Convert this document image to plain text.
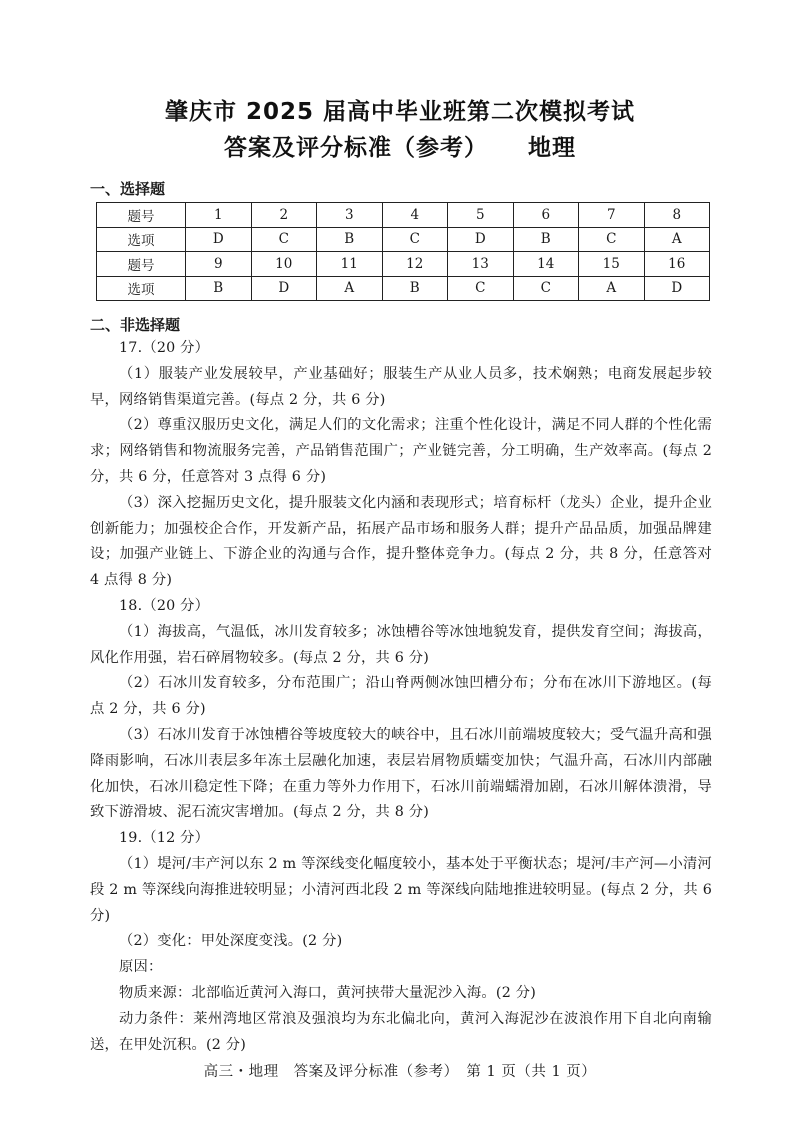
肇庆市 2025 届高中毕业班第二次模拟考试
答案及评分标准（参考） 地理
一、选择题
题号	1	2	3	4	5	6	7	8
选项	D	C	B	C	D	B	C	A
题号	9	10	11	12	13	14	15	16
选项	B	D	A	B	C	C	A	D
二、非选择题

17.（20 分）

（1）服装产业发展较早，产业基础好；服装生产从业人员多，技术娴熟；电商发展起步较早，网络销售渠道完善。(每点 2 分，共 6 分)

（2）尊重汉服历史文化，满足人们的文化需求；注重个性化设计，满足不同人群的个性化需求；网络销售和物流服务完善，产品销售范围广；产业链完善，分工明确，生产效率高。(每点 2 分，共 6 分，任意答对 3 点得 6 分)

（3）深入挖掘历史文化，提升服装文化内涵和表现形式；培育标杆（龙头）企业，提升企业创新能力；加强校企合作，开发新产品，拓展产品市场和服务人群；提升产品品质，加强品牌建设；加强产业链上、下游企业的沟通与合作，提升整体竞争力。(每点 2 分，共 8 分，任意答对 4 点得 8 分)

18.（20 分）

（1）海拔高，气温低，冰川发育较多；冰蚀槽谷等冰蚀地貌发育，提供发育空间；海拔高，风化作用强，岩石碎屑物较多。(每点 2 分，共 6 分)

（2）石冰川发育较多，分布范围广；沿山脊两侧冰蚀凹槽分布；分布在冰川下游地区。(每点 2 分，共 6 分)

（3）石冰川发育于冰蚀槽谷等坡度较大的峡谷中，且石冰川前端坡度较大；受气温升高和强降雨影响，石冰川表层多年冻土层融化加速，表层岩屑物质蠕变加快；气温升高，石冰川内部融化加快，石冰川稳定性下降；在重力等外力作用下，石冰川前端蠕滑加剧，石冰川解体溃滑，导致下游滑坡、泥石流灾害增加。(每点 2 分，共 8 分)

19.（12 分）

（1）堤河/丰产河以东 2 m 等深线变化幅度较小，基本处于平衡状态；堤河/丰产河—小清河段 2 m 等深线向海推进较明显；小清河西北段 2 m 等深线向陆地推进较明显。(每点 2 分，共 6 分)

（2）变化：甲处深度变浅。(2 分)

原因：

物质来源：北部临近黄河入海口，黄河挟带大量泥沙入海。(2 分)

动力条件：莱州湾地区常浪及强浪均为东北偏北向，黄河入海泥沙在波浪作用下自北向南输送，在甲处沉积。(2 分)

高三・地理　答案及评分标准（参考）　第 1 页（共 1 页）
